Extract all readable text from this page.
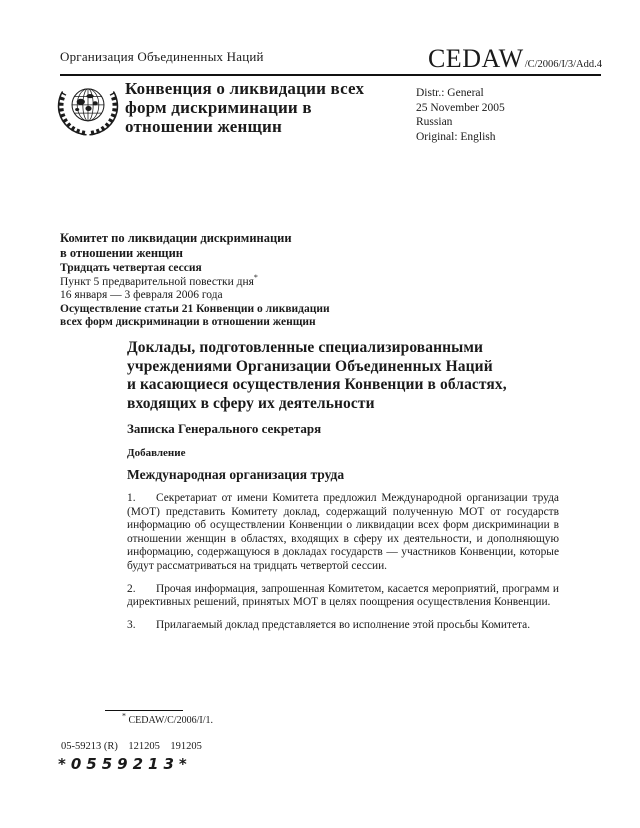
Организация Объединенных Наций	CEDAW /C/2006/I/3/Add.4
Конвенция о ликвидации всех
форм дискриминации в
отношении женщин
Distr.: General
25 November 2005
Russian
Original: English
Комитет по ликвидации дискриминации
в отношении женщин
Тридцать четвертая сессия
Пункт 5 предварительной повестки дня*
16 января — 3 февраля 2006 года
Осуществление статьи 21 Конвенции о ликвидации
всех форм дискриминации в отношении женщин
Доклады, подготовленные специализированными
учреждениями Организации Объединенных Наций
и касающиеся осуществления Конвенции в областях,
входящих в сферу их деятельности
Записка Генерального секретаря
Добавление
Международная организация труда

1. Секретариат от имени Комитета предложил Международной организации труда (МОТ) представить Комитету доклад, содержащий полученную МОТ от государств информацию об осуществлении Конвенции о ликвидации всех форм дискриминации в отношении женщин в областях, входящих в сферу их деятельности, и дополняющую информацию, содержащуюся в докладах государств — участников Конвенции, которые будут рассматриваться на тридцать четвертой сессии.

2. Прочая информация, запрошенная Комитетом, касается мероприятий, программ и директивных решений, принятых МОТ в целях поощрения осуществления Конвенции.

3. Прилагаемый доклад представляется во исполнение этой просьбы Комитета.

* CEDAW/C/2006/I/1.
05-59213 (R)    121205    191205
*0559213*
